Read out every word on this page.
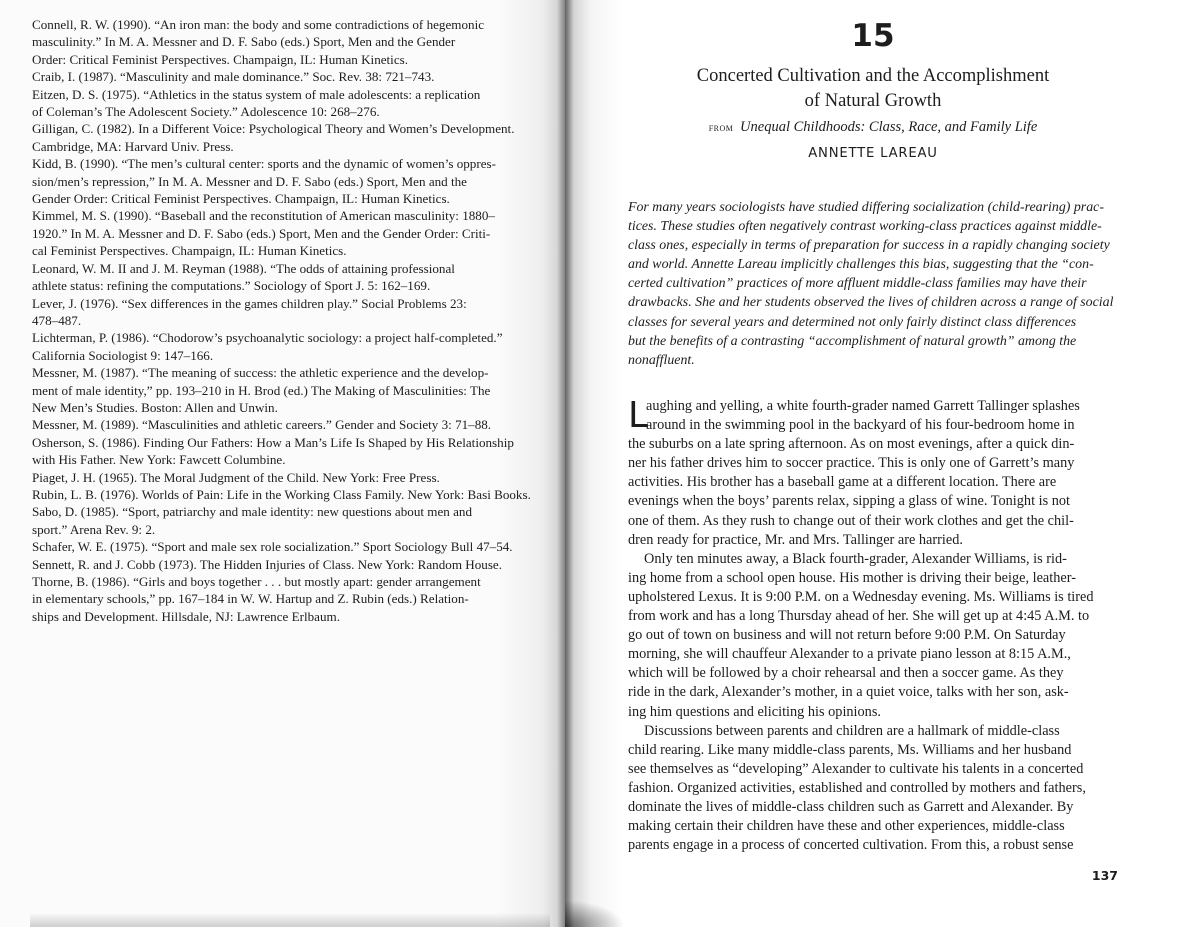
Connell, R. W. (1990). “An iron man: the body and some contradictions of hegemonic
masculinity.” In M. A. Messner and D. F. Sabo (eds.) Sport, Men and the Gender
Order: Critical Feminist Perspectives. Champaign, IL: Human Kinetics.
Craib, I. (1987). “Masculinity and male dominance.” Soc. Rev. 38: 721–743.
Eitzen, D. S. (1975). “Athletics in the status system of male adolescents: a replication
of Coleman’s The Adolescent Society.” Adolescence 10: 268–276.
Gilligan, C. (1982). In a Different Voice: Psychological Theory and Women’s Development.
Cambridge, MA: Harvard Univ. Press.
Kidd, B. (1990). “The men’s cultural center: sports and the dynamic of women’s oppres-
sion/men’s repression,” In M. A. Messner and D. F. Sabo (eds.) Sport, Men and the
Gender Order: Critical Feminist Perspectives. Champaign, IL: Human Kinetics.
Kimmel, M. S. (1990). “Baseball and the reconstitution of American masculinity: 1880–
1920.” In M. A. Messner and D. F. Sabo (eds.) Sport, Men and the Gender Order: Criti-
cal Feminist Perspectives. Champaign, IL: Human Kinetics.
Leonard, W. M. II and J. M. Reyman (1988). “The odds of attaining professional
athlete status: refining the computations.” Sociology of Sport J. 5: 162–169.
Lever, J. (1976). “Sex differences in the games children play.” Social Problems 23:
478–487.
Lichterman, P. (1986). “Chodorow’s psychoanalytic sociology: a project half-completed.”
California Sociologist 9: 147–166.
Messner, M. (1987). “The meaning of success: the athletic experience and the develop-
ment of male identity,” pp. 193–210 in H. Brod (ed.) The Making of Masculinities: The
New Men’s Studies. Boston: Allen and Unwin.
Messner, M. (1989). “Masculinities and athletic careers.” Gender and Society 3: 71–88.
Osherson, S. (1986). Finding Our Fathers: How a Man’s Life Is Shaped by His Relationship
with His Father. New York: Fawcett Columbine.
Piaget, J. H. (1965). The Moral Judgment of the Child. New York: Free Press.
Rubin, L. B. (1976). Worlds of Pain: Life in the Working Class Family. New York: Basi Books.
Sabo, D. (1985). “Sport, patriarchy and male identity: new questions about men and
sport.” Arena Rev. 9: 2.
Schafer, W. E. (1975). “Sport and male sex role socialization.” Sport Sociology Bull 47–54.
Sennett, R. and J. Cobb (1973). The Hidden Injuries of Class. New York: Random House.
Thorne, B. (1986). “Girls and boys together . . . but mostly apart: gender arrangement
in elementary schools,” pp. 167–184 in W. W. Hartup and Z. Rubin (eds.) Relation-
ships and Development. Hillsdale, NJ: Lawrence Erlbaum.
15
Concerted Cultivation and the Accomplishment
of Natural Growth
from Unequal Childhoods: Class, Race, and Family Life
ANNETTE LAREAU
For many years sociologists have studied differing socialization (child-rearing) prac-
tices. These studies often negatively contrast working-class practices against middle-
class ones, especially in terms of preparation for success in a rapidly changing society
and world. Annette Lareau implicitly challenges this bias, suggesting that the “con-
certed cultivation” practices of more affluent middle-class families may have their
drawbacks. She and her students observed the lives of children across a range of social
classes for several years and determined not only fairly distinct class differences
but the benefits of a contrasting “accomplishment of natural growth” among the
nonaffluent.
L
aughing and yelling, a white fourth-grader named Garrett Tallinger splashes
around in the swimming pool in the backyard of his four-bedroom home in
the suburbs on a late spring afternoon. As on most evenings, after a quick din-
ner his father drives him to soccer practice. This is only one of Garrett’s many
activities. His brother has a baseball game at a different location. There are
evenings when the boys’ parents relax, sipping a glass of wine. Tonight is not
one of them. As they rush to change out of their work clothes and get the chil-
dren ready for practice, Mr. and Mrs. Tallinger are harried.
Only ten minutes away, a Black fourth-grader, Alexander Williams, is rid-
ing home from a school open house. His mother is driving their beige, leather-
upholstered Lexus. It is 9:00 P.M. on a Wednesday evening. Ms. Williams is tired
from work and has a long Thursday ahead of her. She will get up at 4:45 A.M. to
go out of town on business and will not return before 9:00 P.M. On Saturday
morning, she will chauffeur Alexander to a private piano lesson at 8:15 A.M.,
which will be followed by a choir rehearsal and then a soccer game. As they
ride in the dark, Alexander’s mother, in a quiet voice, talks with her son, ask-
ing him questions and eliciting his opinions.
Discussions between parents and children are a hallmark of middle-class
child rearing. Like many middle-class parents, Ms. Williams and her husband
see themselves as “developing” Alexander to cultivate his talents in a concerted
fashion. Organized activities, established and controlled by mothers and fathers,
dominate the lives of middle-class children such as Garrett and Alexander. By
making certain their children have these and other experiences, middle-class
parents engage in a process of concerted cultivation. From this, a robust sense
137
